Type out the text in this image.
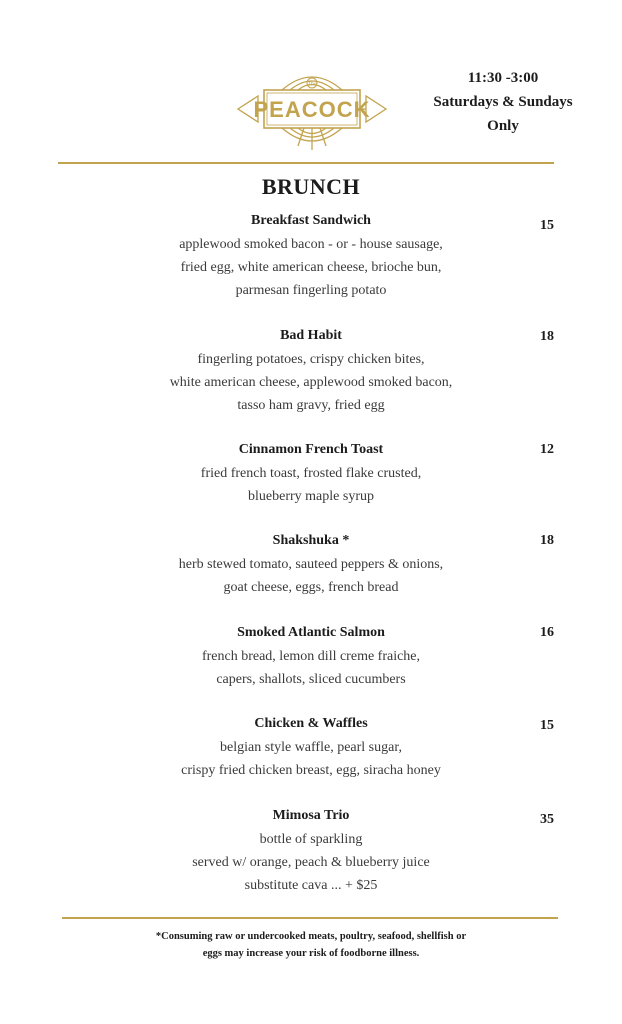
The
PEACOCK
11:30 -3:00
Saturdays & Sundays
Only
BRUNCH
Breakfast Sandwich
applewood smoked bacon - or - house sausage,
fried egg, white american cheese, brioche bun,
parmesan fingerling potato
15
Bad Habit
fingerling potatoes, crispy chicken bites,
white american cheese, applewood smoked bacon,
tasso ham gravy, fried egg
18
Cinnamon French Toast
fried french toast, frosted flake crusted,
blueberry maple syrup
12
Shakshuka *
herb stewed tomato, sauteed peppers & onions,
goat cheese, eggs, french bread
18
Smoked Atlantic Salmon
french bread, lemon dill creme fraiche,
capers, shallots, sliced cucumbers
16
Chicken & Waffles
belgian style waffle, pearl sugar,
crispy fried chicken breast, egg, siracha honey
15
Mimosa Trio
bottle of sparkling
served w/ orange, peach & blueberry juice
substitute cava ... + $25
35
*Consuming raw or undercooked meats, poultry, seafood, shellfish or
eggs may increase your risk of foodborne illness.
